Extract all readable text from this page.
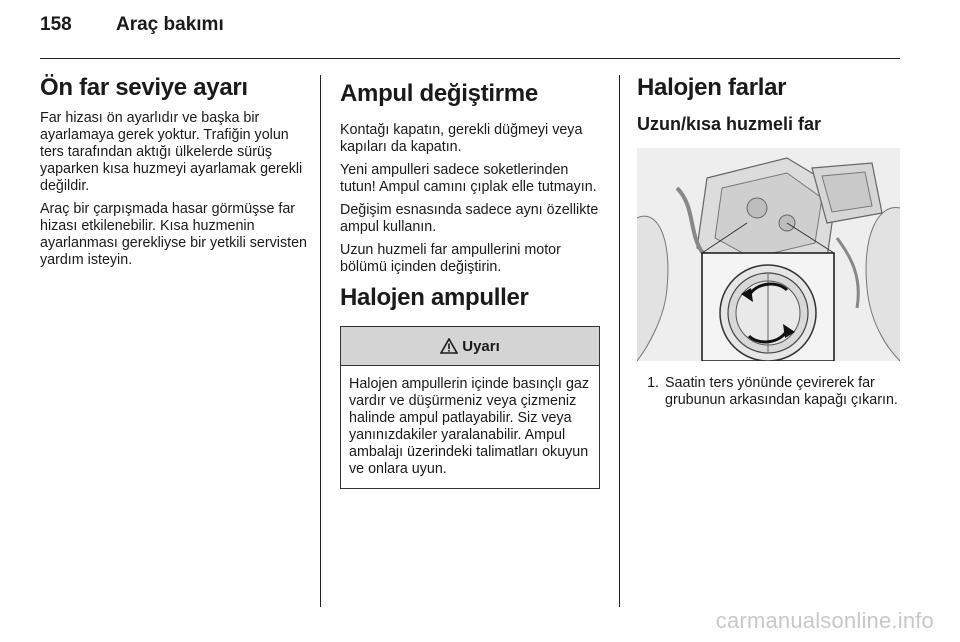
158	Araç bakımı
Ön far seviye ayarı

Far hizası ön ayarlıdır ve başka bir ayarlamaya gerek yoktur. Trafiğin yolun ters tarafından aktığı ülkelerde sürüş yaparken kısa huzmeyi ayarlamak gerekli değildir.

Araç bir çarpışmada hasar görmüşse far hizası etkilenebilir. Kısa huzmenin ayarlanması gerekliyse bir yetkili servisten yardım isteyin.

Ampul değiştirme

Kontağı kapatın, gerekli düğmeyi veya kapıları da kapatın.

Yeni ampulleri sadece soketlerinden tutun! Ampul camını çıplak elle tutmayın.

Değişim esnasında sadece aynı özellikte ampul kullanın.

Uzun huzmeli far ampullerini motor bölümü içinden değiştirin.

Halojen ampuller
Uyarı

Halojen ampullerin içinde basınçlı gaz vardır ve düşürmeniz veya çizmeniz halinde ampul patlayabilir. Siz veya yanınızdakiler yaralanabilir. Ampul ambalajı üzerindeki talimatları okuyun ve onlara uyun.

Halojen farlar
Uzun/kısa huzmeli far
1. Saatin ters yönünde çevirerek far grubunun arkasından kapağı çıkarın.
carmanualsonline.info
